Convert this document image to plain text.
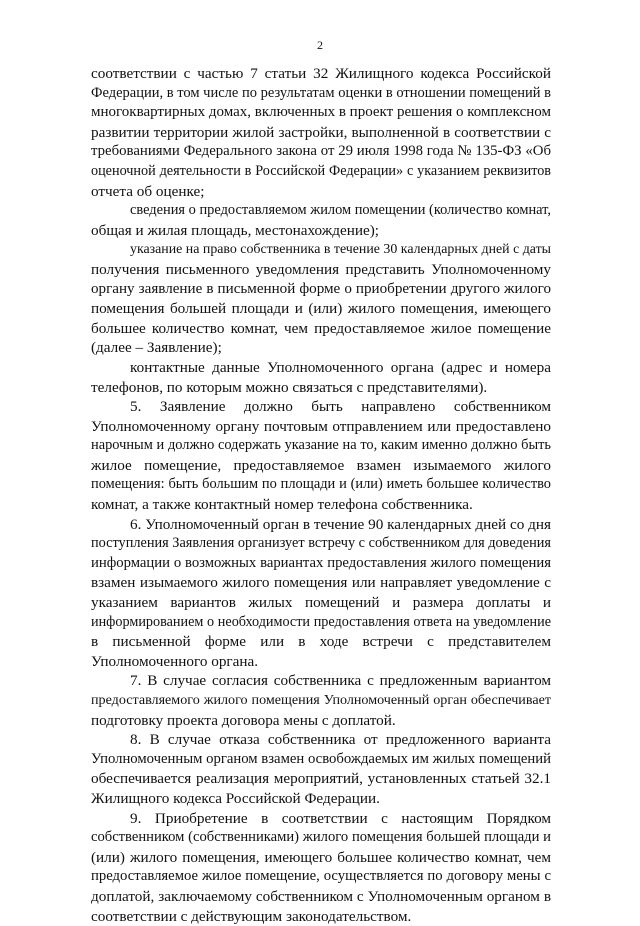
2
соответствии с частью 7 статьи 32 Жилищного кодекса Российской
Федерации, в том числе по результатам оценки в отношении помещений в
многоквартирных домах, включенных в проект решения о комплексном
развитии территории жилой застройки, выполненной в соответствии с
требованиями Федерального закона от 29 июля 1998 года № 135-ФЗ «Об
оценочной деятельности в Российской Федерации» с указанием реквизитов
отчета об оценке;
сведения о предоставляемом жилом помещении (количество комнат,
общая и жилая площадь, местонахождение);
указание на право собственника в течение 30 календарных дней с даты
получения письменного уведомления представить Уполномоченному
органу заявление в письменной форме о приобретении другого жилого
помещения большей площади и (или) жилого помещения, имеющего
большее количество комнат, чем предоставляемое жилое помещение
(далее – Заявление);
контактные данные Уполномоченного органа (адрес и номера
телефонов, по которым можно связаться с представителями).
5. Заявление должно быть направлено собственником
Уполномоченному органу почтовым отправлением или предоставлено
нарочным и должно содержать указание на то, каким именно должно быть
жилое помещение, предоставляемое взамен изымаемого жилого
помещения: быть большим по площади и (или) иметь большее количество
комнат, а также контактный номер телефона собственника.
6. Уполномоченный орган в течение 90 календарных дней со дня
поступления Заявления организует встречу с собственником для доведения
информации о возможных вариантах предоставления жилого помещения
взамен изымаемого жилого помещения или направляет уведомление с
указанием вариантов жилых помещений и размера доплаты и
информированием о необходимости предоставления ответа на уведомление
в письменной форме или в ходе встречи с представителем
Уполномоченного органа.
7. В случае согласия собственника с предложенным вариантом
предоставляемого жилого помещения Уполномоченный орган обеспечивает
подготовку проекта договора мены с доплатой.
8. В случае отказа собственника от предложенного варианта
Уполномоченным органом взамен освобождаемых им жилых помещений
обеспечивается реализация мероприятий, установленных статьей 32.1
Жилищного кодекса Российской Федерации.
9. Приобретение в соответствии с настоящим Порядком
собственником (собственниками) жилого помещения большей площади и
(или) жилого помещения, имеющего большее количество комнат, чем
предоставляемое жилое помещение, осуществляется по договору мены с
доплатой, заключаемому собственником с Уполномоченным органом в
соответствии с действующим законодательством.
